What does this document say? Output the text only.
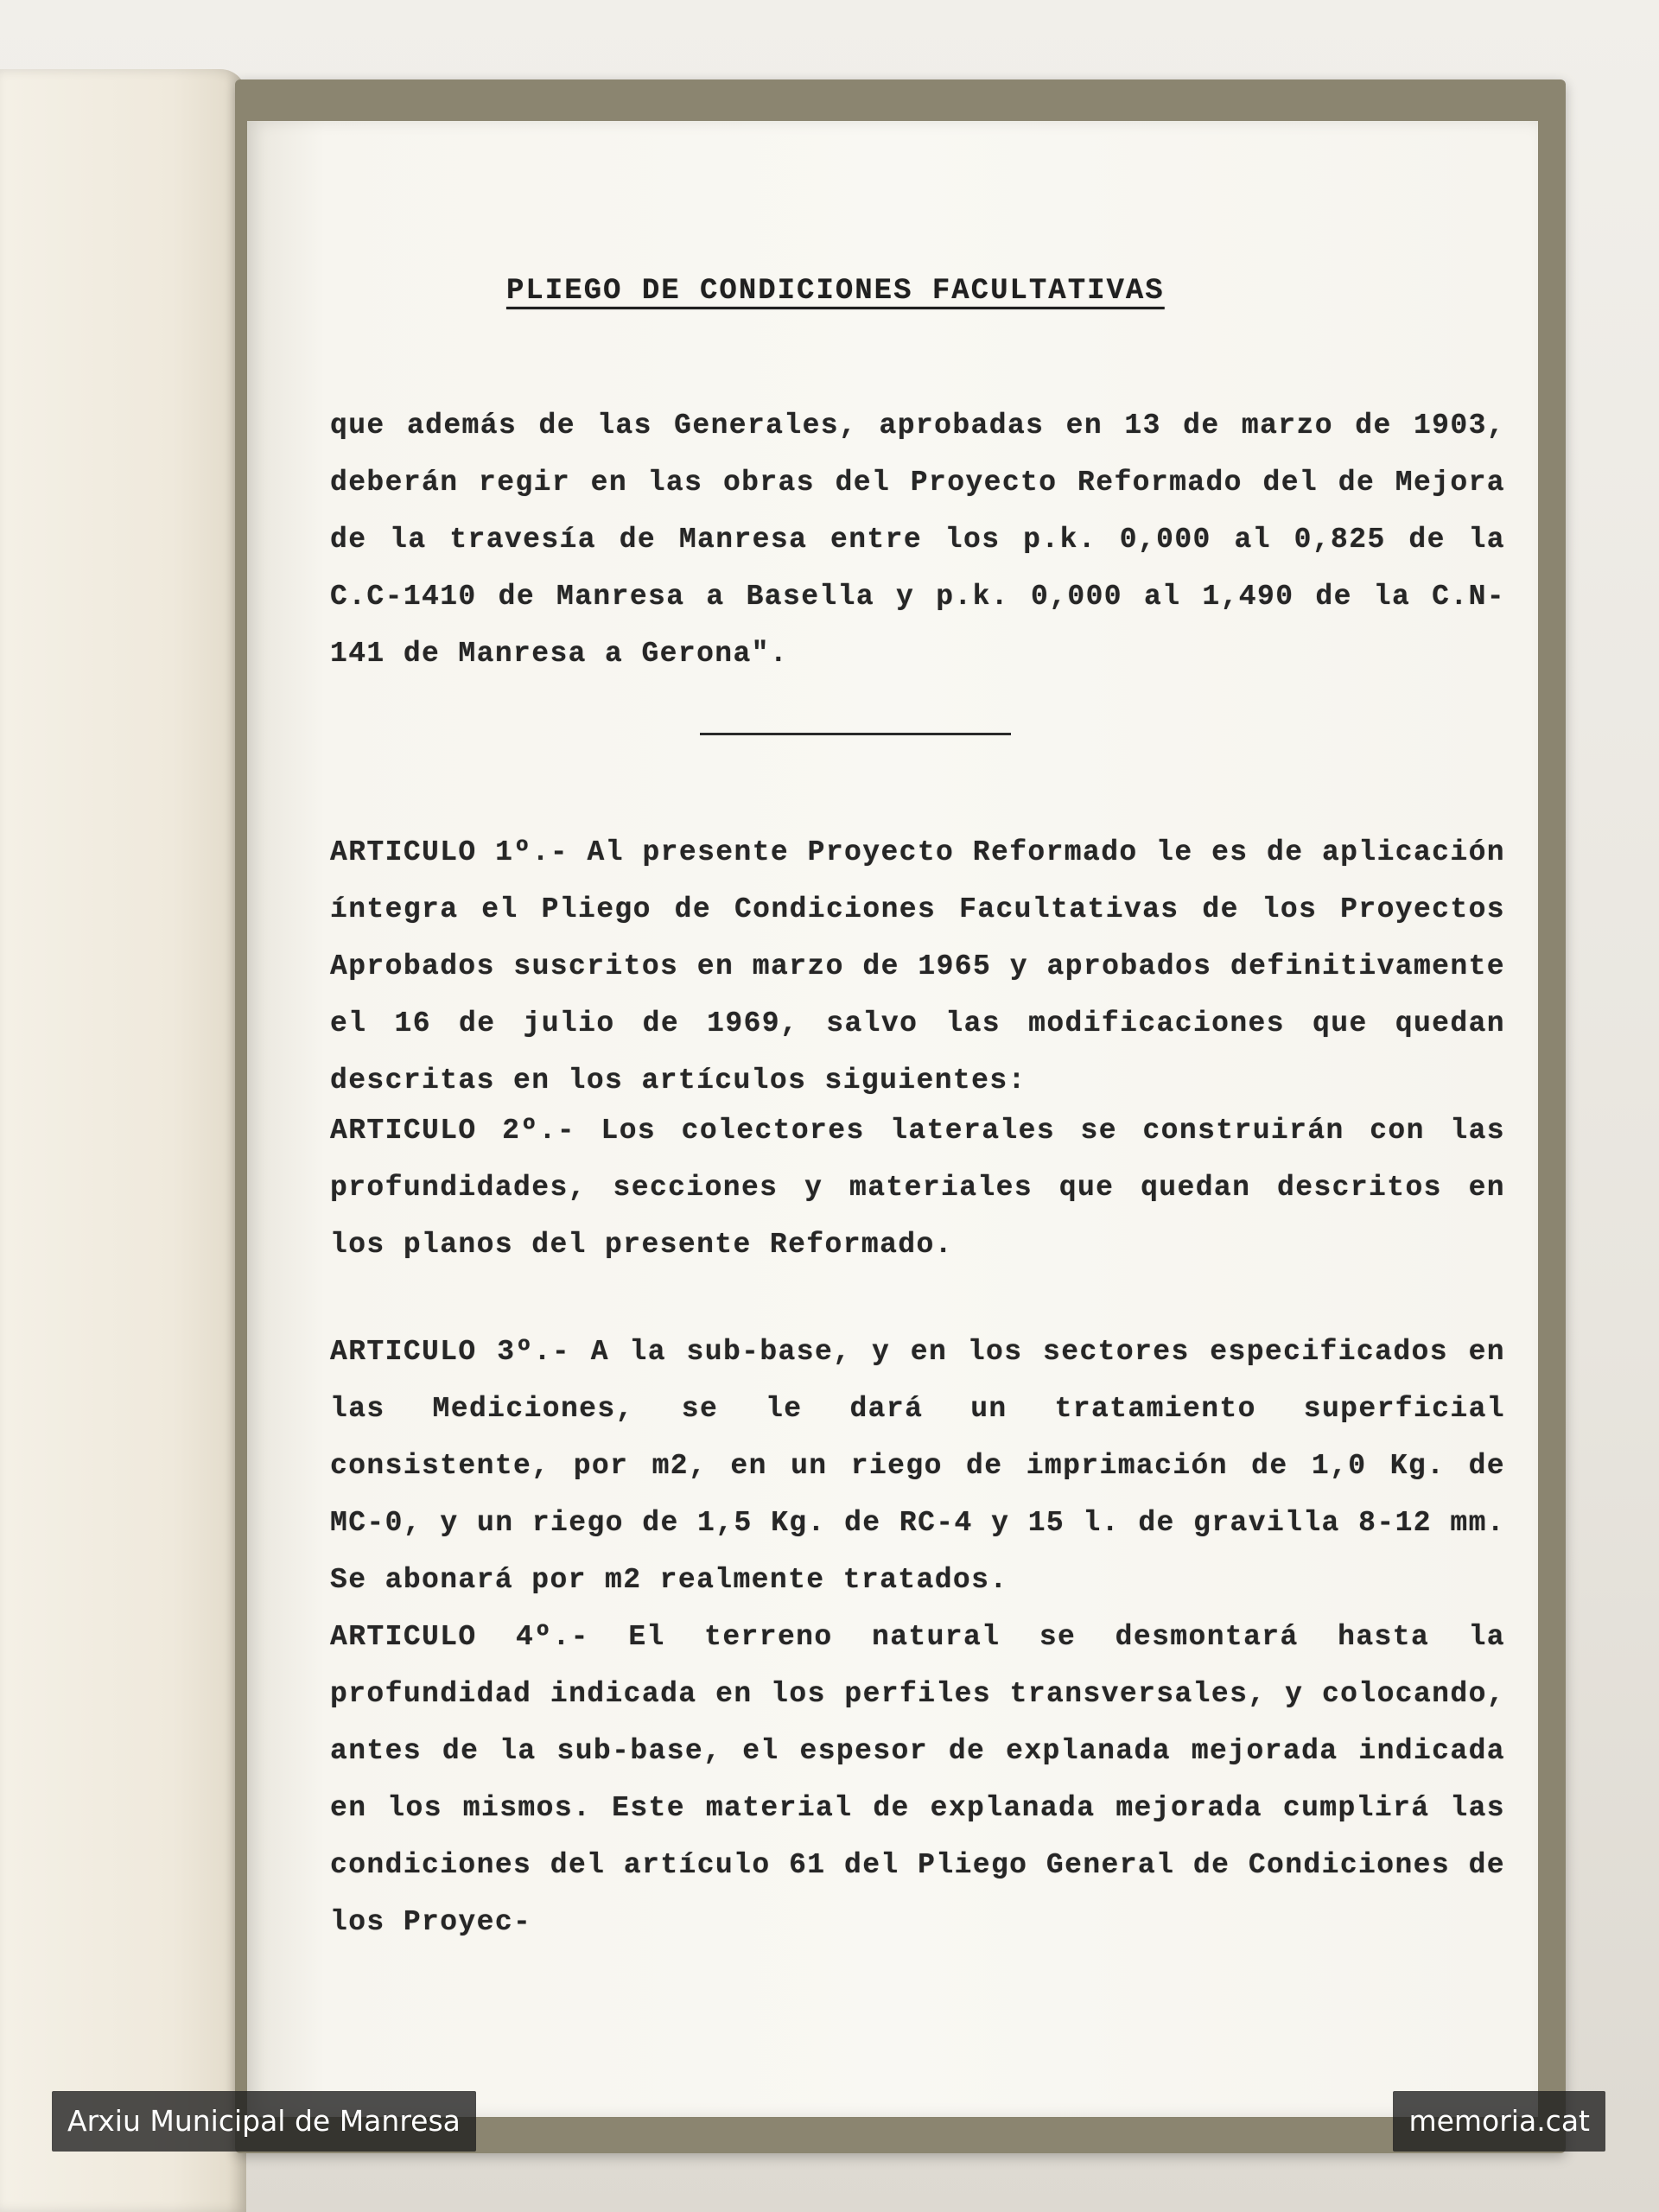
PLIEGO DE CONDICIONES FACULTATIVAS

que además de las Generales, aprobadas en 13 de marzo de 1903, deberán regir en las obras del Proyecto Reformado del de Mejora de la travesía de Manresa entre los p.k. 0,000 al 0,825 de la C.C-1410 de Manresa a Basella y p.k. 0,000 al 1,490 de la C.N-141 de Manresa a Gerona".

ARTICULO 1º.- Al presente Proyecto Reformado le es de aplicación íntegra el Pliego de Condiciones Facultativas de los Proyectos Aprobados suscritos en marzo de 1965 y aprobados definitivamente el 16 de julio de 1969, salvo las modificaciones que quedan descritas en los artículos siguientes:

ARTICULO 2º.- Los colectores laterales se construirán con las profundidades, secciones y materiales que quedan descritos en los planos del presente Reformado.

ARTICULO 3º.- A la sub-base, y en los sectores especificados en las Mediciones, se le dará un tratamiento superficial consistente, por m2, en un riego de imprimación de 1,0 Kg. de MC-0, y un riego de 1,5 Kg. de RC-4 y 15 l. de gravilla 8-12 mm. Se abonará por m2 realmente tratados.

ARTICULO 4º.- El terreno natural se desmontará hasta la profundidad indicada en los perfiles transversales, y colocando, antes de la sub-base, el espesor de explanada mejorada indicada en los mismos. Este material de explanada mejorada cumplirá las condiciones del artículo 61 del Pliego General de Condiciones de los Proyec-

Arxiu Municipal de Manresa	memoria.cat
